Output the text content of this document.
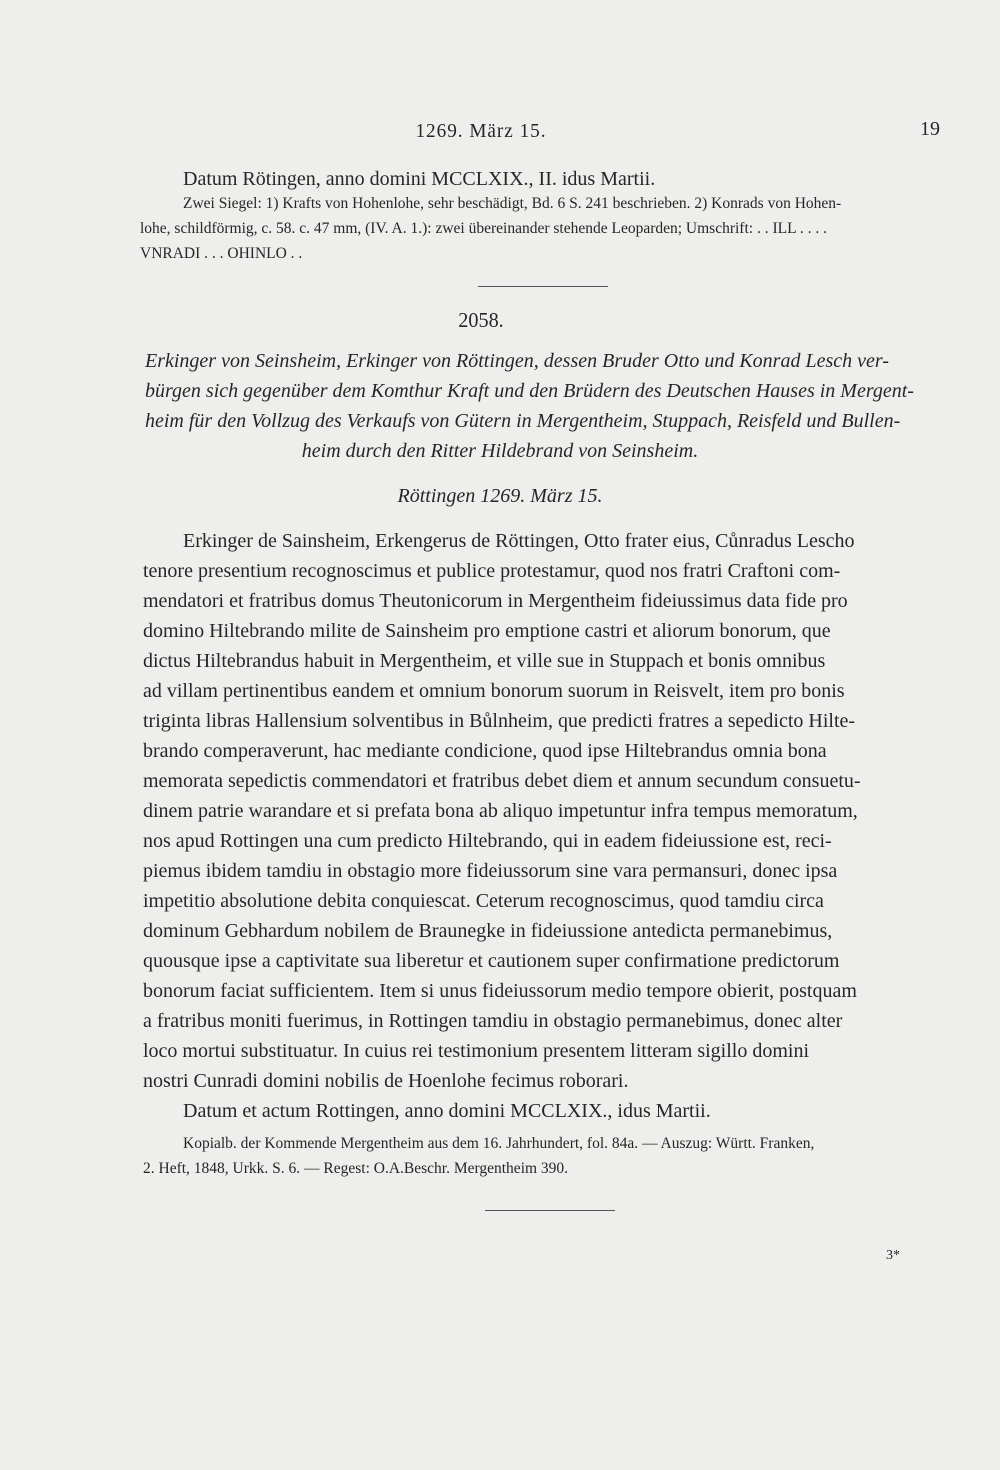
1269. März 15.	19
Datum Rötingen, anno domini MCCLXIX., II. idus Martii.
Zwei Siegel: 1) Krafts von Hohenlohe, sehr beschädigt, Bd. 6 S. 241 beschrieben. 2) Konrads von Hohen-
lohe, schildförmig, c. 58. c. 47 mm, (IV. A. 1.): zwei übereinander stehende Leoparden; Umschrift: . . ILL . . . .
VNRADI . . . OHINLO . .
2058.
Erkinger von Seinsheim, Erkinger von Röttingen, dessen Bruder Otto und Konrad Lesch ver-
bürgen sich gegenüber dem Komthur Kraft und den Brüdern des Deutschen Hauses in Mergent-
heim für den Vollzug des Verkaufs von Gütern in Mergentheim, Stuppach, Reisfeld und Bullen-
heim durch den Ritter Hildebrand von Seinsheim.
Röttingen 1269. März 15.
Erkinger de Sainsheim, Erkengerus de Röttingen, Otto frater eius, Cůnradus Lescho
tenore presentium recognoscimus et publice protestamur, quod nos fratri Craftoni com-
mendatori et fratribus domus Theutonicorum in Mergentheim fideiussimus data fide pro
domino Hiltebrando milite de Sainsheim pro emptione castri et aliorum bonorum, que
dictus Hiltebrandus habuit in Mergentheim, et ville sue in Stuppach et bonis omnibus
ad villam pertinentibus eandem et omnium bonorum suorum in Reisvelt, item pro bonis
triginta libras Hallensium solventibus in Bůlnheim, que predicti fratres a sepedicto Hilte-
brando comperaverunt, hac mediante condicione, quod ipse Hiltebrandus omnia bona
memorata sepedictis commendatori et fratribus debet diem et annum secundum consuetu-
dinem patrie warandare et si prefata bona ab aliquo impetuntur infra tempus memoratum,
nos apud Rottingen una cum predicto Hiltebrando, qui in eadem fideiussione est, reci-
piemus ibidem tamdiu in obstagio more fideiussorum sine vara permansuri, donec ipsa
impetitio absolutione debita conquiescat. Ceterum recognoscimus, quod tamdiu circa
dominum Gebhardum nobilem de Braunegke in fideiussione antedicta permanebimus,
quousque ipse a captivitate sua liberetur et cautionem super confirmatione predictorum
bonorum faciat sufficientem. Item si unus fideiussorum medio tempore obierit, postquam
a fratribus moniti fuerimus, in Rottingen tamdiu in obstagio permanebimus, donec alter
loco mortui substituatur. In cuius rei testimonium presentem litteram sigillo domini
nostri Cunradi domini nobilis de Hoenlohe fecimus roborari.
Datum et actum Rottingen, anno domini MCCLXIX., idus Martii.
Kopialb. der Kommende Mergentheim aus dem 16. Jahrhundert, fol. 84a. — Auszug: Württ. Franken,
2. Heft, 1848, Urkk. S. 6. — Regest: O.A.Beschr. Mergentheim 390.
3*
